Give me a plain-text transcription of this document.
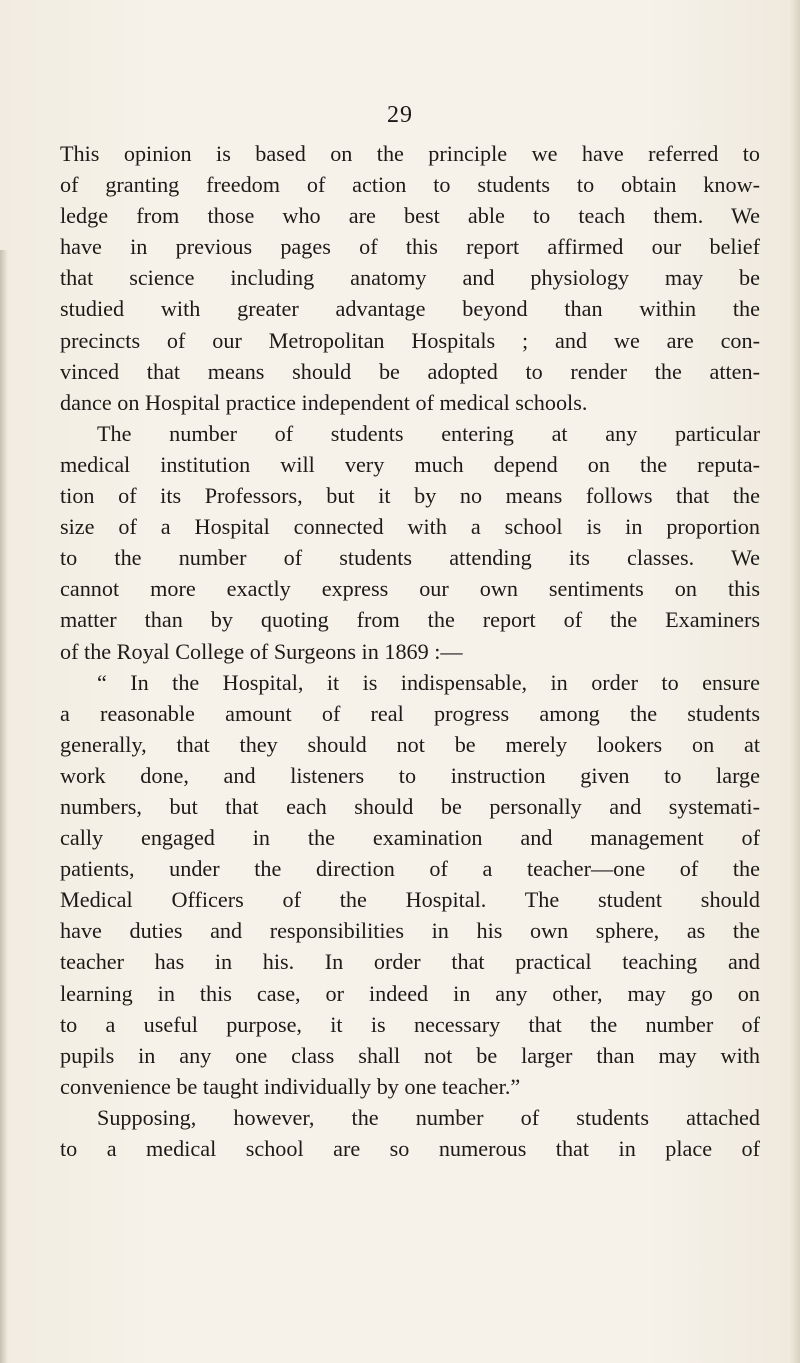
29
This opinion is based on the principle we have referred to
of granting freedom of action to students to obtain know-
ledge from those who are best able to teach them. We
have in previous pages of this report affirmed our belief
that science including anatomy and physiology may be
studied with greater advantage beyond than within the
precincts of our Metropolitan Hospitals ; and we are con-
vinced that means should be adopted to render the atten-
dance on Hospital practice independent of medical schools.
The number of students entering at any particular
medical institution will very much depend on the reputa-
tion of its Professors, but it by no means follows that the
size of a Hospital connected with a school is in proportion
to the number of students attending its classes. We
cannot more exactly express our own sentiments on this
matter than by quoting from the report of the Examiners
of the Royal College of Surgeons in 1869 :—
“ In the Hospital, it is indispensable, in order to ensure
a reasonable amount of real progress among the students
generally, that they should not be merely lookers on at
work done, and listeners to instruction given to large
numbers, but that each should be personally and systemati-
cally engaged in the examination and management of
patients, under the direction of a teacher—one of the
Medical Officers of the Hospital. The student should
have duties and responsibilities in his own sphere, as the
teacher has in his. In order that practical teaching and
learning in this case, or indeed in any other, may go on
to a useful purpose, it is necessary that the number of
pupils in any one class shall not be larger than may with
convenience be taught individually by one teacher.”
Supposing, however, the number of students attached
to a medical school are so numerous that in place of
